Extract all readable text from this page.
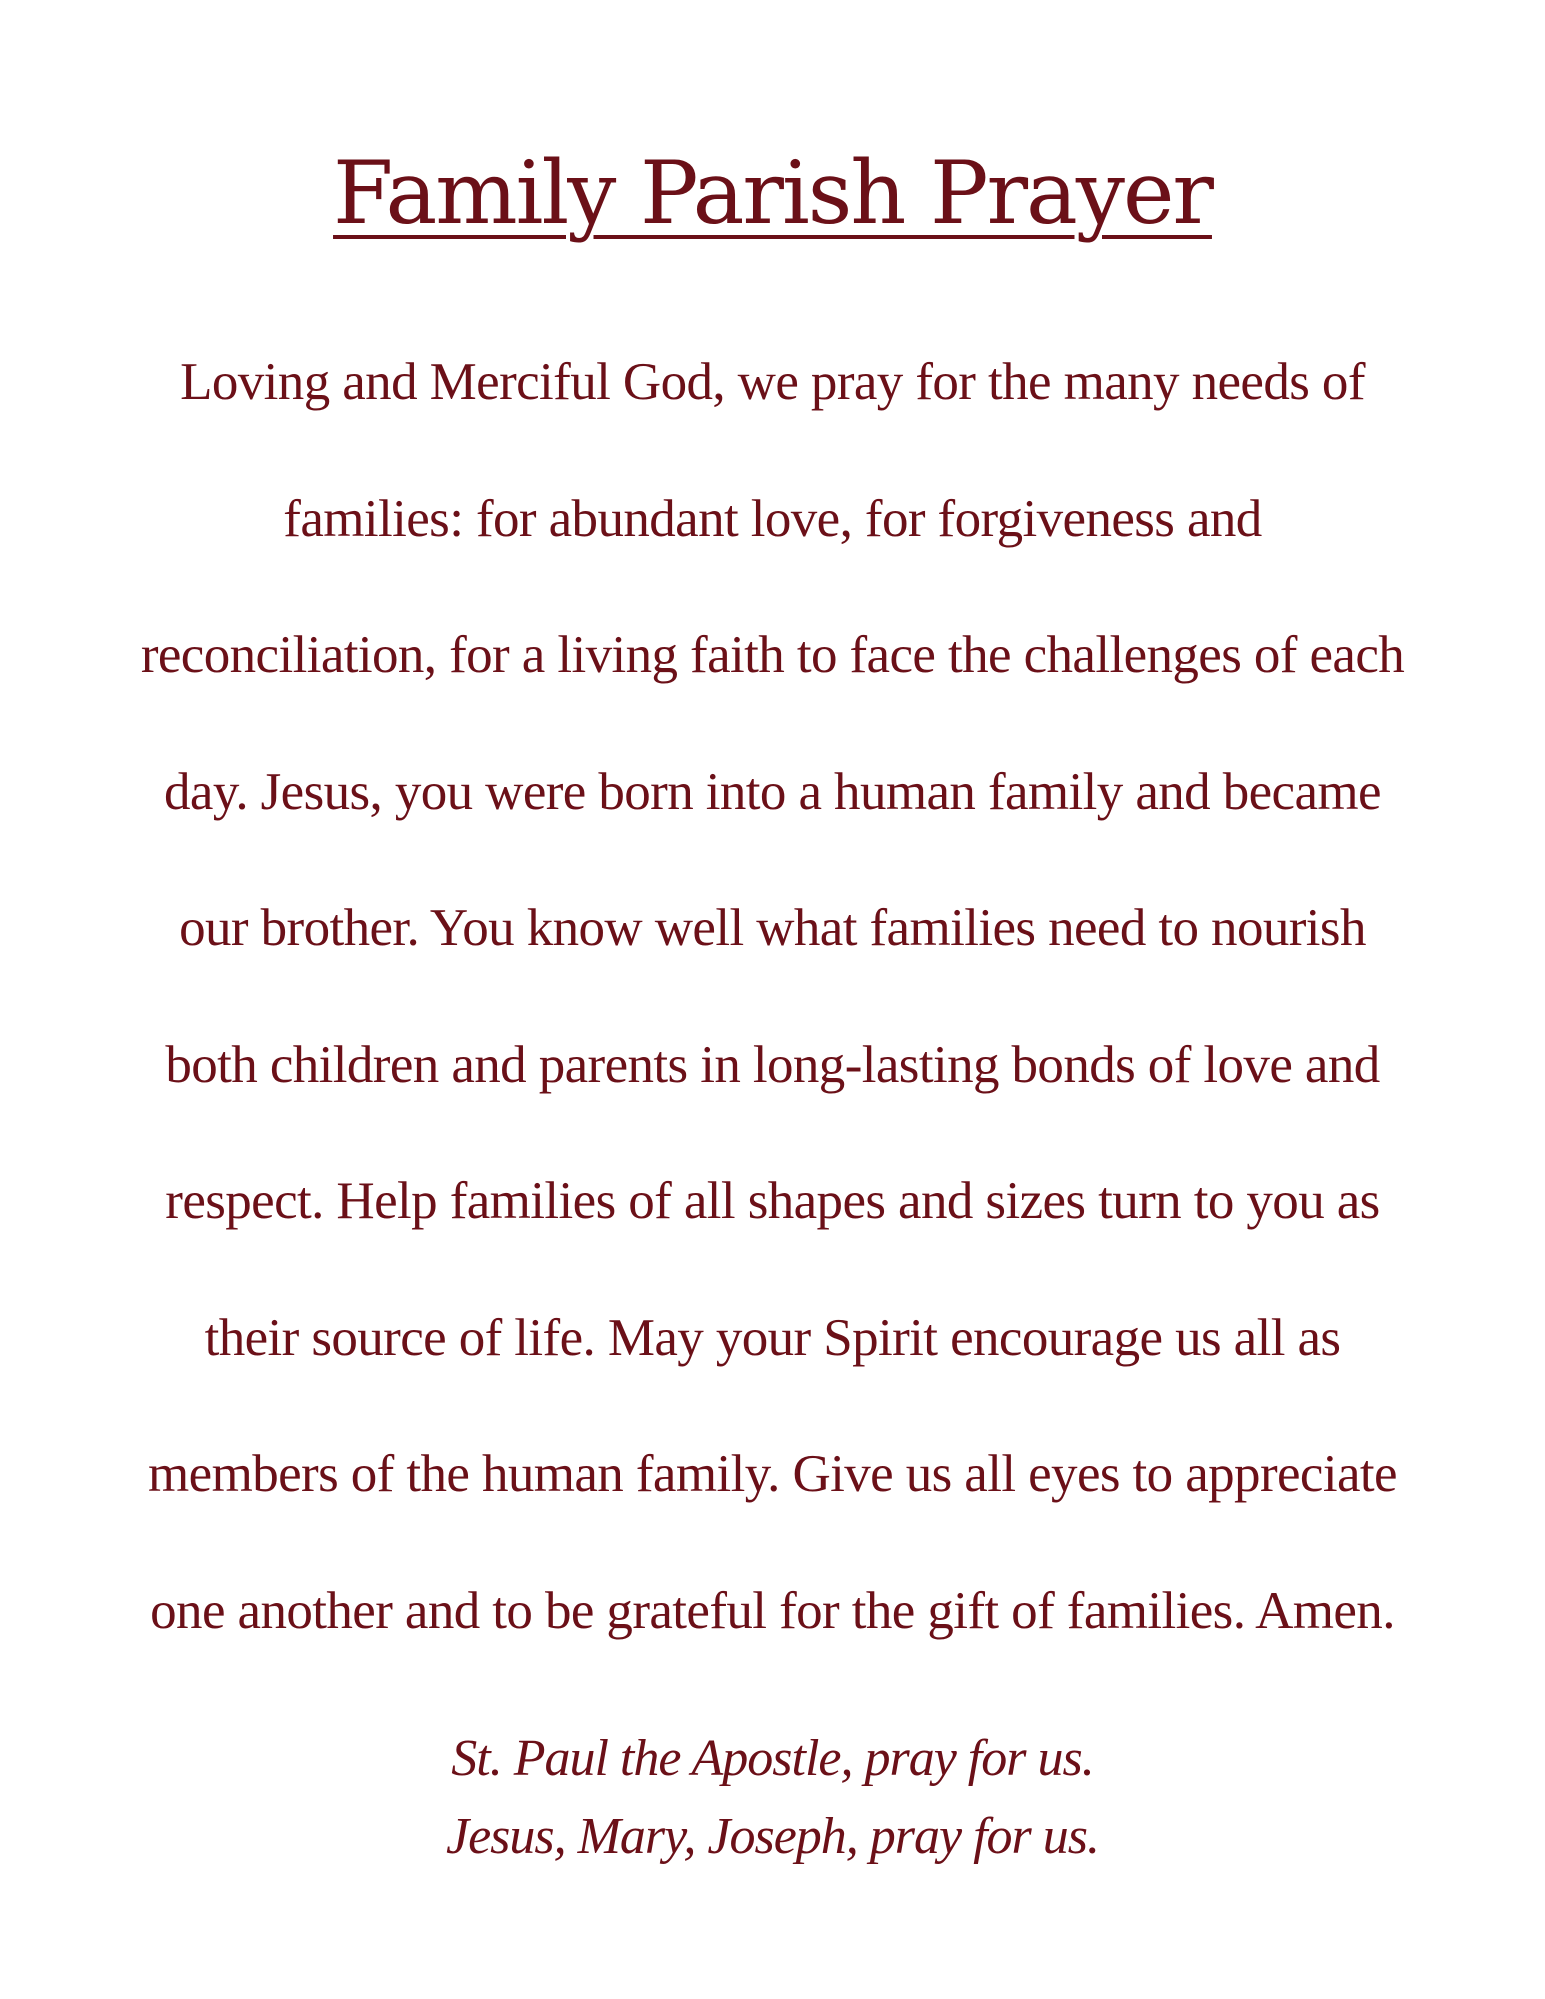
Family Parish Prayer
Loving and Merciful God, we pray for the many needs of
families: for abundant love, for forgiveness and
reconciliation, for a living faith to face the challenges of each
day. Jesus, you were born into a human family and became
our brother. You know well what families need to nourish
both children and parents in long-lasting bonds of love and
respect. Help families of all shapes and sizes turn to you as
their source of life. May your Spirit encourage us all as
members of the human family. Give us all eyes to appreciate
one another and to be grateful for the gift of families. Amen.
St. Paul the Apostle, pray for us.
Jesus, Mary, Joseph, pray for us.
